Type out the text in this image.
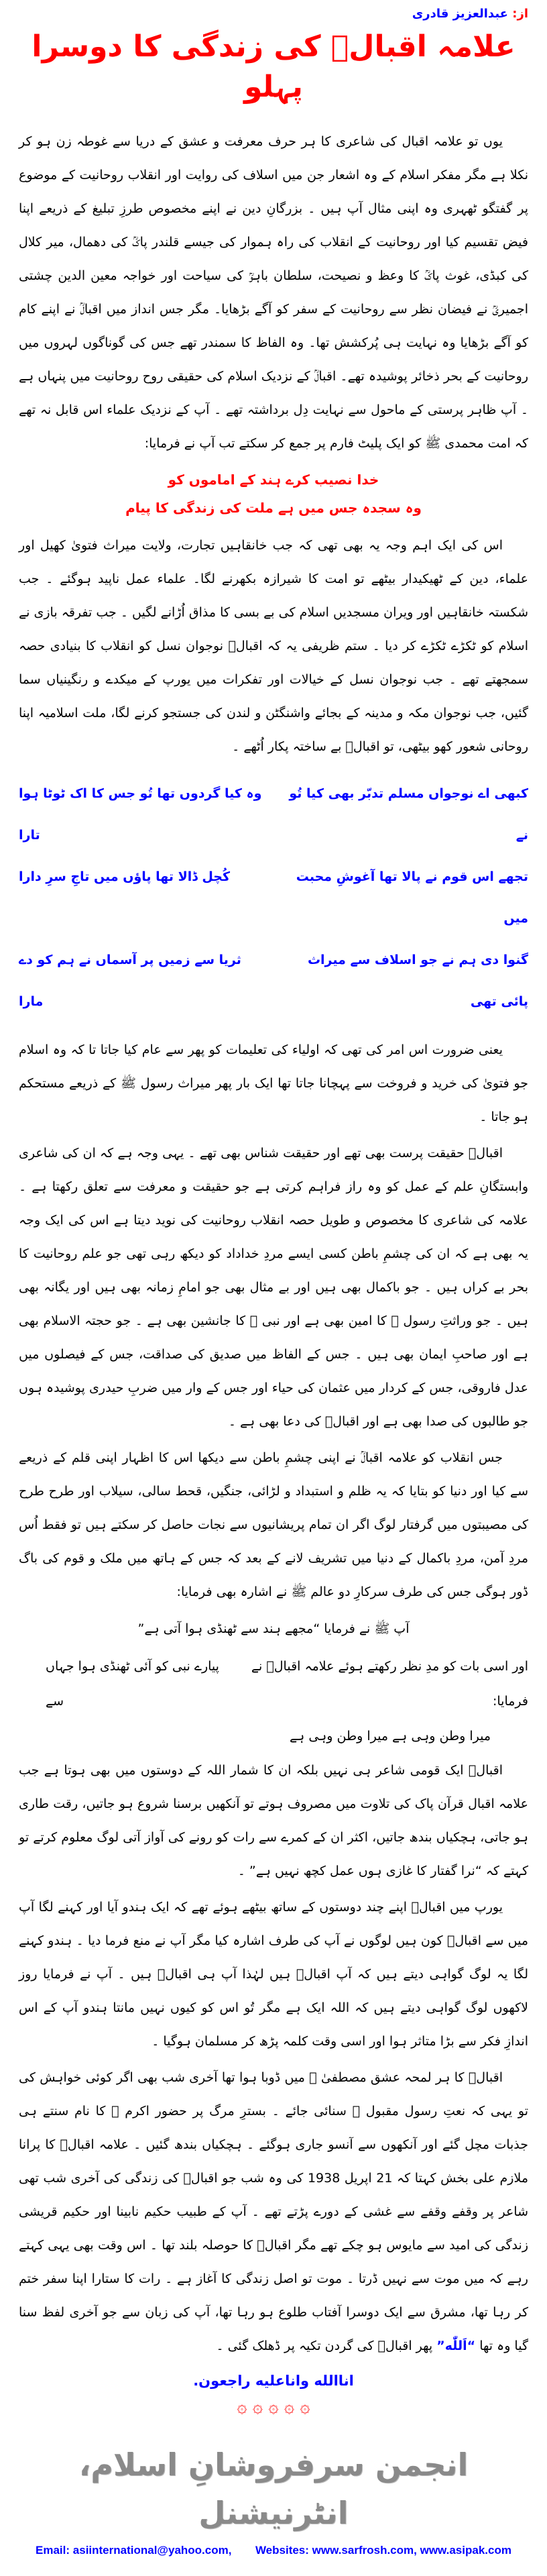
از: عبدالعزیز قادری
علامہ اقبالؒ کی زندگی کا دوسرا پہلو

یوں تو علامہ اقبال کی شاعری کا ہر حرف معرفت و عشق کے دریا سے غوطہ زن ہو کر نکلا ہے مگر مفکر اسلام کے وہ اشعار جن میں اسلاف کی روایت اور انقلاب روحانیت کے موضوع پر گفتگو ٹھہری وہ اپنی مثال آپ ہیں ۔ بزرگانِ دین نے اپنے مخصوص طرزِ تبلیغ کے ذریعے اپنا فیض تقسیم کیا اور روحانیت کے انقلاب کی راہ ہموار کی جیسے قلندر پاکؒ کی دھمال، میر کلال کی کبڈی، غوث پاکؒ کا وعظ و نصیحت، سلطان باہوؒ کی سیاحت اور خواجہ معین الدین چشتی اجمیریؒ نے فیضان نظر سے روحانیت کے سفر کو آگے بڑھایا۔ مگر جس انداز میں اقبالؒ نے اپنے کام کو آگے بڑھایا وہ نہایت ہی پُرکشش تھا۔ وہ الفاظ کا سمندر تھے جس کی گوناگوں لہروں میں روحانیت کے بحر ذخائر پوشیدہ تھے۔ اقبالؒ کے نزدیک اسلام کی حقیقی روح روحانیت میں پنہاں ہے ۔ آپ ظاہر پرستی کے ماحول سے نہایت دِل برداشتہ تھے ۔ آپ کے نزدیک علماء اس قابل نہ تھے کہ امت محمدی ﷺ کو ایک پلیٹ فارم پر جمع کر سکتے تب آپ نے فرمایا:

خدا نصیب کرے ہند کے اماموں کو
وہ سجدہ جس میں ہے ملت کی زندگی کا پیام

اس کی ایک اہم وجہ یہ بھی تھی کہ جب خانقاہیں تجارت، ولایت میراث فتویٰ کھیل اور علماء، دین کے ٹھیکیدار بیٹھے تو امت کا شیرازہ بکھرنے لگا۔ علماء عمل ناپید ہوگئے ۔ جب شکستہ خانقاہیں اور ویران مسجدیں اسلام کی بے بسی کا مذاق اُڑانے لگیں ۔ جب تفرقہ بازی نے اسلام کو ٹکڑے ٹکڑے کر دیا ۔ ستم ظریفی یہ کہ اقبالؒ نوجوان نسل کو انقلاب کا بنیادی حصہ سمجھتے تھے ۔ جب نوجوان نسل کے خیالات اور تفکرات میں یورپ کے میکدے و رنگینیاں سما گئیں، جب نوجوان مکہ و مدینہ کے بجائے واشنگٹن و لندن کی جستجو کرنے لگا، ملت اسلامیہ اپنا روحانی شعور کھو بیٹھی، تو اقبالؒ بے ساختہ پکار اُٹھے ۔

کبھی اے نوجواں مسلم تدبّر بھی کیا تُو نے
وہ کیا گردوں تھا تُو جس کا اک ٹوٹا ہوا تارا
تجھے اس قوم نے پالا تھا آغوشِ محبت میں
کُچل ڈالا تھا پاؤں میں تاجِ سرِ دارا
گنوا دی ہم نے جو اسلاف سے میراث پائی تھی
ثریا سے زمیں پر آسماں نے ہم کو دے مارا

یعنی ضرورت اس امر کی تھی کہ اولیاء کی تعلیمات کو پھر سے عام کیا جاتا تا کہ وہ اسلام جو فتویٰ کی خرید و فروخت سے پہچانا جاتا تھا ایک بار پھر میراث رسول ﷺ کے ذریعے مستحکم ہو جاتا ۔

اقبالؒ حقیقت پرست بھی تھے اور حقیقت شناس بھی تھے ۔ یہی وجہ ہے کہ ان کی شاعری وابستگانِ علم کے عمل کو وہ راز فراہم کرتی ہے جو حقیقت و معرفت سے تعلق رکھتا ہے ۔ علامہ کی شاعری کا مخصوص و طویل حصہ انقلاب روحانیت کی نوید دیتا ہے اس کی ایک وجہ یہ بھی ہے کہ ان کی چشمِ باطن کسی ایسے مردِ خداداد کو دیکھ رہی تھی جو علم روحانیت کا بحر بے کراں ہیں ۔ جو باکمال بھی ہیں اور بے مثال بھی جو امامِ زمانہ بھی ہیں اور یگانہ بھی ہیں ۔ جو وراثتِ رسول ﷺ کا امین بھی ہے اور نبی ﷺ کا جانشین بھی ہے ۔ جو حجتہ الاسلام بھی ہے اور صاحبِ ایمان بھی ہیں ۔ جس کے الفاظ میں صدیق کی صداقت، جس کے فیصلوں میں عدل فاروقی، جس کے کردار میں عثمان کی حیاء اور جس کے وار میں ضربِ حیدری پوشیدہ ہوں جو طالبوں کی صدا بھی ہے اور اقبالؒ کی دعا بھی ہے ۔

جس انقلاب کو علامہ اقبالؒ نے اپنی چشمِ باطن سے دیکھا اس کا اظہار اپنی قلم کے ذریعے سے کیا اور دنیا کو بتایا کہ یہ ظلم و استبداد و لڑائی، جنگیں، قحط سالی، سیلاب اور طرح طرح کی مصیبتوں میں گرفتار لوگ اگر ان تمام پریشانیوں سے نجات حاصل کر سکتے ہیں تو فقط اُس مردِ آمن، مردِ باکمال کے دنیا میں تشریف لانے کے بعد کہ جس کے ہاتھ میں ملک و قوم کی باگ ڈور ہوگی جس کی طرف سرکارِ دو عالم ﷺ نے اشارہ بھی فرمایا:

آپ ﷺ نے فرمایا “مجھے ہند سے ٹھنڈی ہوا آتی ہے”
اور اسی بات کو مدِ نظر رکھتے ہوئے علامہ اقبالؒ نے فرمایا:
پیارے نبی کو آئی ٹھنڈی ہوا جہاں سے
میرا وطن وہی ہے میرا وطن وہی ہے

اقبالؒ ایک قومی شاعر ہی نہیں بلکہ ان کا شمار اللہ کے دوستوں میں بھی ہوتا ہے جب علامہ اقبال قرآن پاک کی تلاوت میں مصروف ہوتے تو آنکھیں برسنا شروع ہو جاتیں، رقت طاری ہو جاتی، ہچکیاں بندھ جاتیں، اکثر ان کے کمرے سے رات کو رونے کی آواز آتی لوگ معلوم کرتے تو کہتے کہ “نرا گفتار کا غازی ہوں عمل کچھ نہیں ہے” ۔

یورپ میں اقبالؒ اپنے چند دوستوں کے ساتھ بیٹھے ہوئے تھے کہ ایک ہندو آیا اور کہنے لگا آپ میں سے اقبالؒ کون ہیں لوگوں نے آپ کی طرف اشارہ کیا مگر آپ نے منع فرما دیا ۔ ہندو کہنے لگا یہ لوگ گواہی دیتے ہیں کہ آپ اقبالؒ ہیں لہٰذا آپ ہی اقبالؒ ہیں ۔ آپ نے فرمایا روز لاکھوں لوگ گواہی دیتے ہیں کہ اللہ ایک ہے مگر تُو اس کو کیوں نہیں مانتا ہندو آپ کے اس اندازِ فکر سے بڑا متاثر ہوا اور اسی وقت کلمہ پڑھ کر مسلمان ہوگیا ۔

اقبالؒ کا ہر لمحہ عشق مصطفیٰ ﷺ میں ڈوبا ہوا تھا آخری شب بھی اگر کوئی خواہش کی تو یہی کہ نعتِ رسول مقبول ﷺ سنائی جائے ۔ بسترِ مرگ پر حضور اکرم ﷺ کا نام سنتے ہی جذبات مچل گئے اور آنکھوں سے آنسو جاری ہوگئے ۔ ہچکیاں بندھ گئیں ۔ علامہ اقبالؒ کا پرانا ملازم علی بخش کہتا کہ 21 اپریل 1938 کی وہ شب جو اقبالؒ کی زندگی کی آخری شب تھی شاعر پر وقفے وقفے سے غشی کے دورے پڑتے تھے ۔ آپ کے طبیب حکیم نابینا اور حکیم قریشی زندگی کی امید سے مایوس ہو چکے تھے مگر اقبالؒ کا حوصلہ بلند تھا ۔ اس وقت بھی یہی کہتے رہے کہ میں موت سے نہیں ڈرتا ۔ موت تو اصل زندگی کا آغاز ہے ۔ رات کا ستارا اپنا سفر ختم کر رہا تھا، مشرق سے ایک دوسرا آفتاب طلوع ہو رہا تھا، آپ کی زبان سے جو آخری لفظ سنا گیا وہ تھا “اَللّٰه” پھر اقبالؒ کی گردن تکیہ پر ڈھلک گئی ۔

اناالله واناعليه راجعون.
۞ ۞ ۞ ۞ ۞
انجمن سرفروشانِ اسلام، انٹرنیشنل
Email: asiinternational@yahoo.com, Websites: www.sarfrosh.com, www.asipak.com
